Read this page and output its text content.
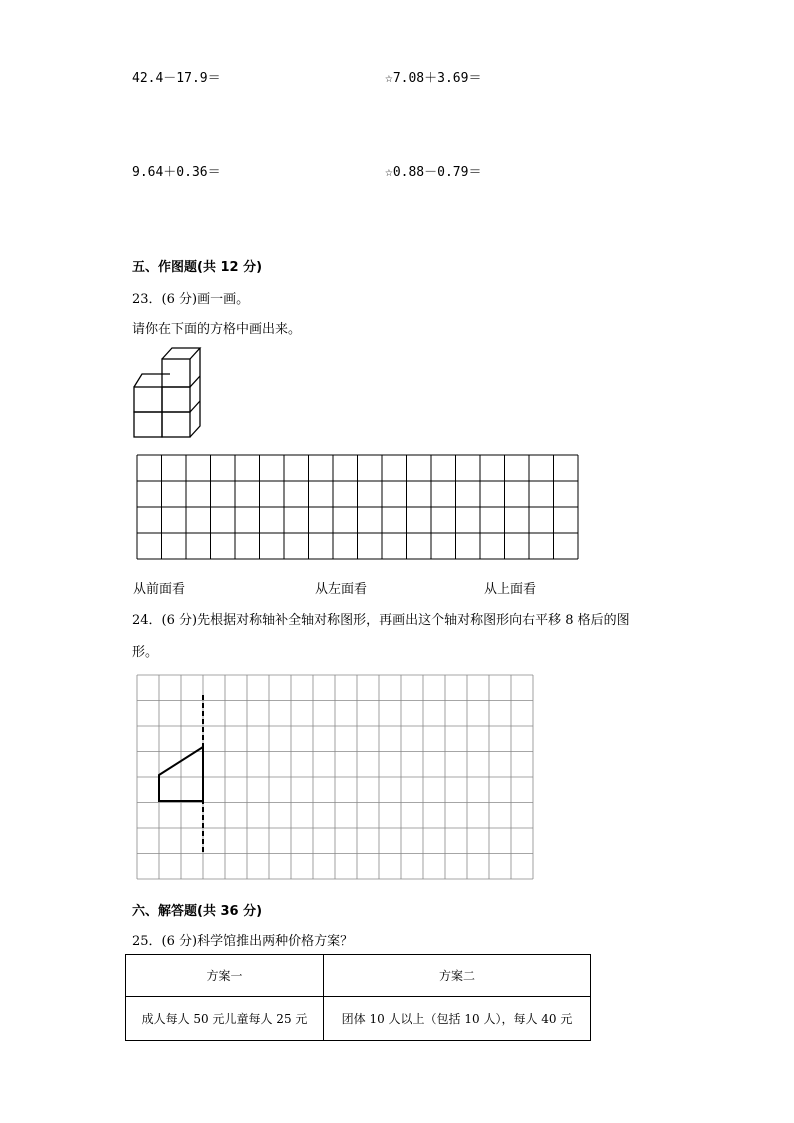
42.4－17.9＝	☆7.08＋3.69＝
9.64＋0.36＝	☆0.88－0.79＝
五、作图题(共 12 分)
23．(6 分)画一画。
请你在下面的方格中画出来。
从前面看	从左面看	从上面看
24．(6 分)先根据对称轴补全轴对称图形，再画出这个轴对称图形向右平移 8 格后的图
形。
六、解答题(共 36 分)
25．(6 分)科学馆推出两种价格方案？
方案一	方案二
成人每人 50 元儿童每人 25 元	团体 10 人以上（包括 10 人），每人 40 元
